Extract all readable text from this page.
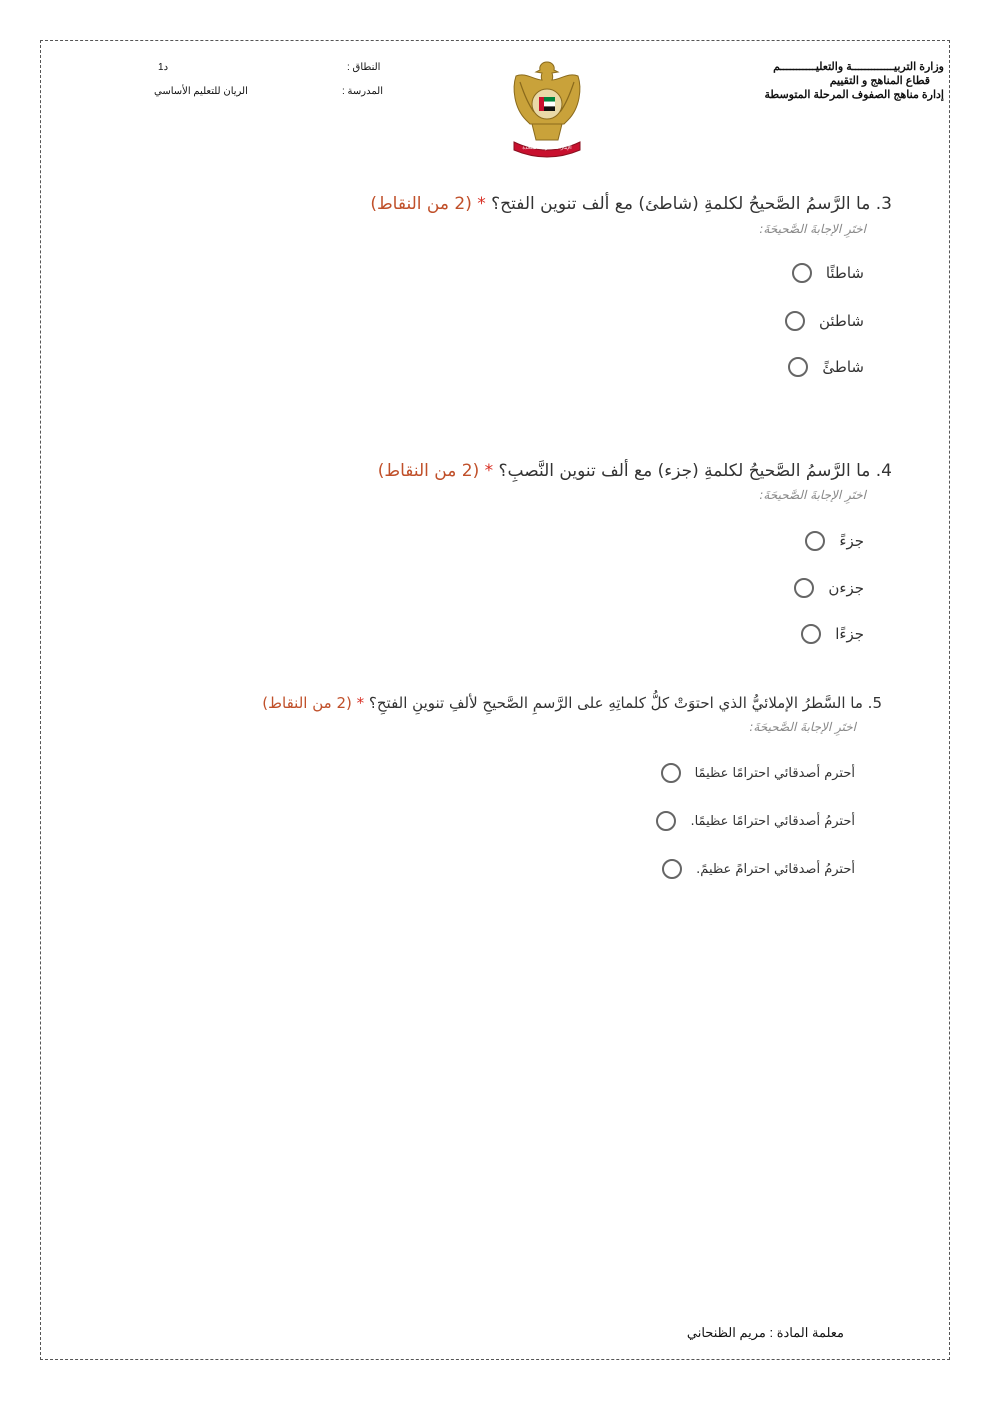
وزارة التربيـــــــــــــة والتعليـــــــــــم
قطاع المناهج و التقييم
إدارة مناهج الصفوف المرحلة المتوسطة
الإمارات العربية المتحدة
النطاق :
د1
المدرسة :
الريان للتعليم الأساسي
3. ما الرَّسمُ الصَّحيحُ لكلمةِ (شاطئ) مع ألف تنوين الفتح؟ * (2 من النقاط)
اختَرِ الإجابةَ الصَّحيحَةَ:
شاطئًا
شاطئن
شاطئً
4. ما الرَّسمُ الصَّحيحُ لكلمةِ (جزء) مع ألف تنوين النَّصبِ؟ * (2 من النقاط)
اختَرِ الإجابةَ الصَّحيحَةَ:
جزءً
جزءن
جزءًا
5. ما السَّطرُ الإملائيُّ الذي احتوَتْ كلُّ كلماتِهِ على الرَّسمِ الصَّحيحِ لألفِ تنوينِ الفتحِ؟ * (2 من النقاط)
اختَرِ الإجابةَ الصَّحيحَةَ:
أحترم أصدقائي احترامًا عظيمًا
أحترمُ أصدقائي احترامًا عظيمًا.
أحترمُ أصدقائي احترامً عظيمً.
معلمة المادة : مريم الظنحاني
